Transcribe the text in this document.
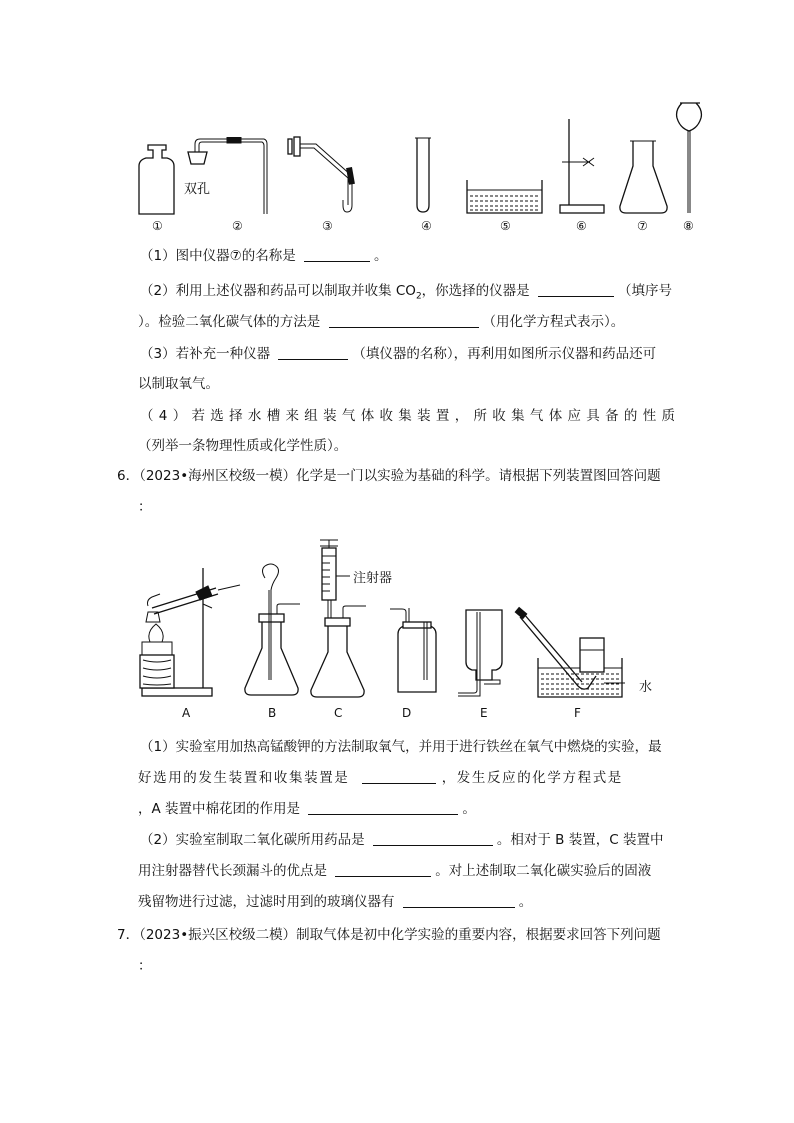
双孔
①	②	③	④	⑤	⑥	⑦	⑧
（1）图中仪器⑦的名称是	。
（2）利用上述仪器和药品可以制取并收集 $CO_2$，你选择的仪器是	（填序号
）。检验二氧化碳气体的方法是	（用化学方程式表示）。
（3）若补充一种仪器	（填仪器的名称），再利用如图所示仪器和药品还可
以制取氧气。
（4）若选择水槽来组装气体收集装置，所收集气体应具备的性质
（列举一条物理性质或化学性质）。
6．（2023•海州区校级一模）化学是一门以实验为基础的科学。请根据下列装置图回答问题
：
注射器
水
A	B	C	D	E	F
（1）实验室用加热高锰酸钾的方法制取氧气，并用于进行铁丝在氧气中燃烧的实验，最
好选用的发生装置和收集装置是	，发生反应的化学方程式是
，A 装置中棉花团的作用是	。
（2）实验室制取二氧化碳所用药品是	。相对于 B 装置，C 装置中
用注射器替代长颈漏斗的优点是	。对上述制取二氧化碳实验后的固液
残留物进行过滤，过滤时用到的玻璃仪器有	。
7．（2023•振兴区校级二模）制取气体是初中化学实验的重要内容，根据要求回答下列问题
：
